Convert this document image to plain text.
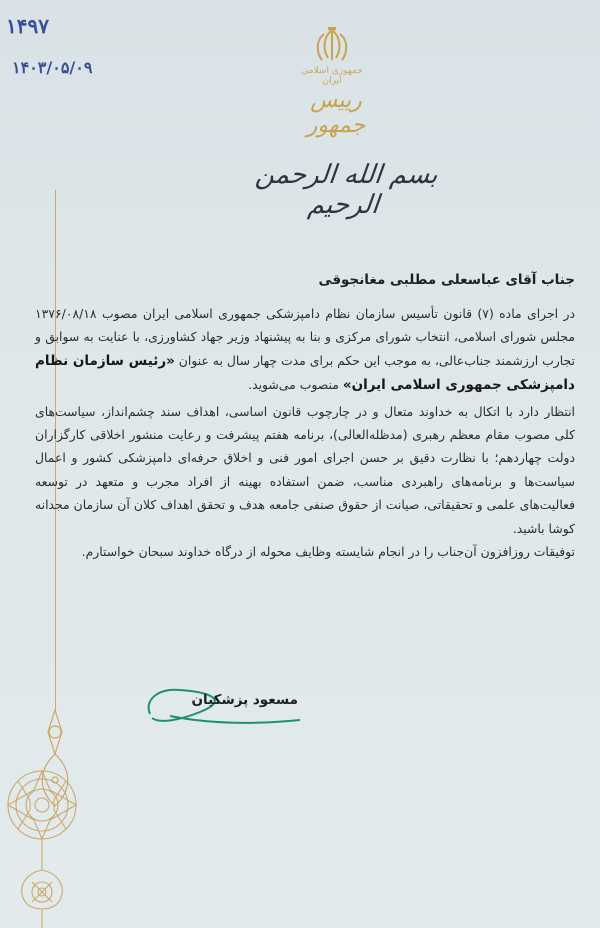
۱۴۹۷
۱۴۰۳/۰۵/۰۹	جمهوری اسلامی ایران
رییس جمهور
بسم الله الرحمن الرحیم

جناب آقای عباسعلی مطلبی مغانجوقی

در اجرای ماده (۷) قانون تأسیس سازمان نظام دامپزشکی جمهوری اسلامی ایران مصوب ۱۳۷۶/۰۸/۱۸ مجلس شورای اسلامی، انتخاب شورای مرکزی و بنا به پیشنهاد وزیر جهاد کشاورزی، با عنایت به سوابق و تجارب ارزشمند جناب‌عالی، به موجب این حکم برای مدت چهار سال به عنوان «رئیس سازمان نظام دامپزشکی جمهوری اسلامی ایران» منصوب می‌شوید.

انتظار دارد با اتکال به خداوند متعال و در چارچوب قانون اساسی، اهداف سند چشم‌انداز، سیاست‌های کلی مصوب مقام معظم رهبری (مدظله‌العالی)، برنامه هفتم پیشرفت و رعایت منشور اخلاقی کارگزاران دولت چهاردهم؛ با نظارت دقیق بر حسن اجرای امور فنی و اخلاق حرفه‌ای دامپزشکی کشور و اعمال سیاست‌ها و برنامه‌های راهبردی مناسب، ضمن استفاده بهینه از افراد مجرب و متعهد در توسعه فعالیت‌های علمی و تحقیقاتی، صیانت از حقوق صنفی جامعه هدف و تحقق اهداف کلان آن سازمان مجدانه کوشا باشید.

توفیقات روزافزون آن‌جناب را در انجام شایسته وظایف محوله از درگاه خداوند سبحان خواستارم.

مسعود پزشکیان
